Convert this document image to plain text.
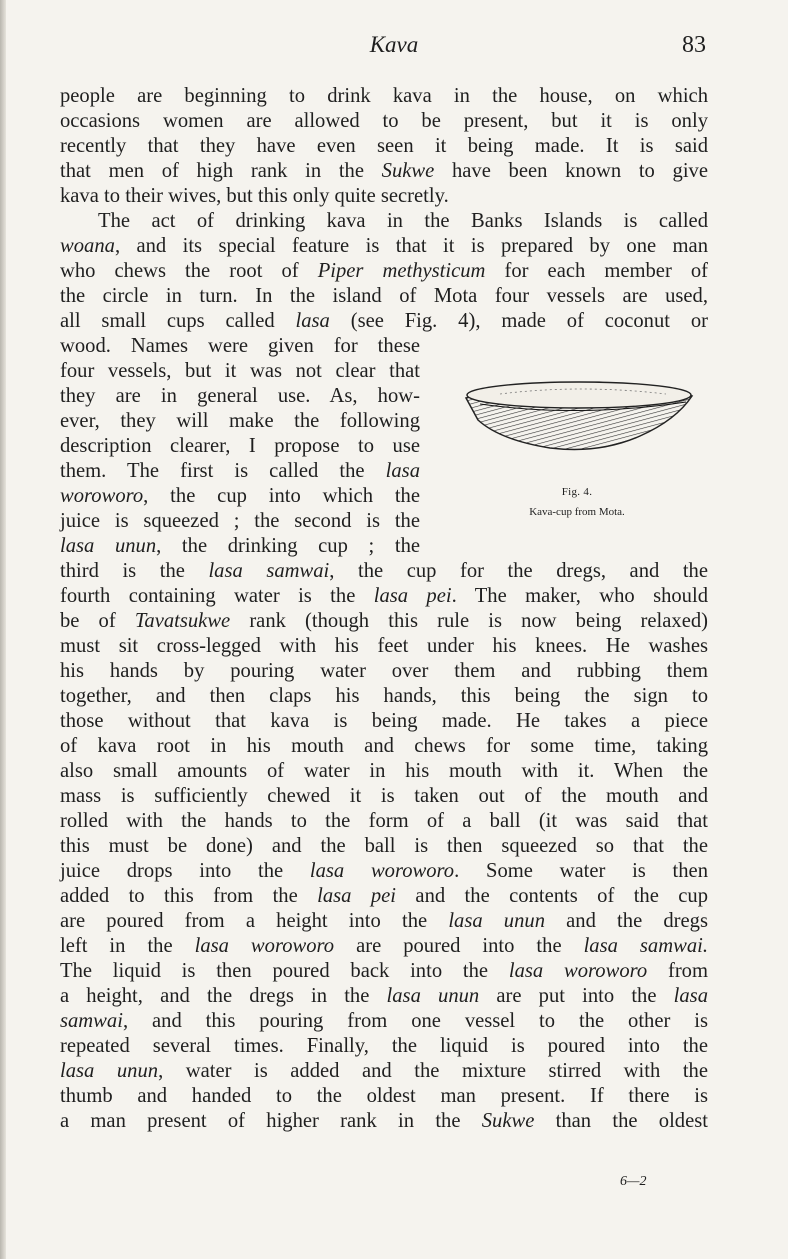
Kava	83

people are beginning to drink kava in the house, on which
occasions women are allowed to be present, but it is only
recently that they have even seen it being made. It is said
that men of high rank in the Sukwe have been known to give
kava to their wives, but this only quite secretly.

The act of drinking kava in the Banks Islands is called
woana, and its special feature is that it is prepared by one man
who chews the root of Piper methysticum for each member of
the circle in turn. In the island of Mota four vessels are used,
all small cups called lasa (see Fig. 4), made of coconut or
wood. Names were given for these
four vessels, but it was not clear that
they are in general use. As, how-
ever, they will make the following
description clearer, I propose to use
them. The first is called the lasa
woroworo, the cup into which the
juice is squeezed ; the second is the
lasa unun, the drinking cup ; the
third is the lasa samwai, the cup for the dregs, and the
fourth containing water is the lasa pei. The maker, who should
be of Tavatsukwe rank (though this rule is now being relaxed)
must sit cross-legged with his feet under his knees. He washes
his hands by pouring water over them and rubbing them
together, and then claps his hands, this being the sign to
those without that kava is being made. He takes a piece
of kava root in his mouth and chews for some time, taking
also small amounts of water in his mouth with it. When the
mass is sufficiently chewed it is taken out of the mouth and
rolled with the hands to the form of a ball (it was said that
this must be done) and the ball is then squeezed so that the
juice drops into the lasa woroworo. Some water is then
added to this from the lasa pei and the contents of the cup
are poured from a height into the lasa unun and the dregs
left in the lasa woroworo are poured into the lasa samwai.
The liquid is then poured back into the lasa woroworo from
a height, and the dregs in the lasa unun are put into the lasa
samwai, and this pouring from one vessel to the other is
repeated several times. Finally, the liquid is poured into the
lasa unun, water is added and the mixture stirred with the
thumb and handed to the oldest man present. If there is
a man present of higher rank in the Sukwe than the oldest

Fig. 4.
Kava-cup from Mota.
6—2
